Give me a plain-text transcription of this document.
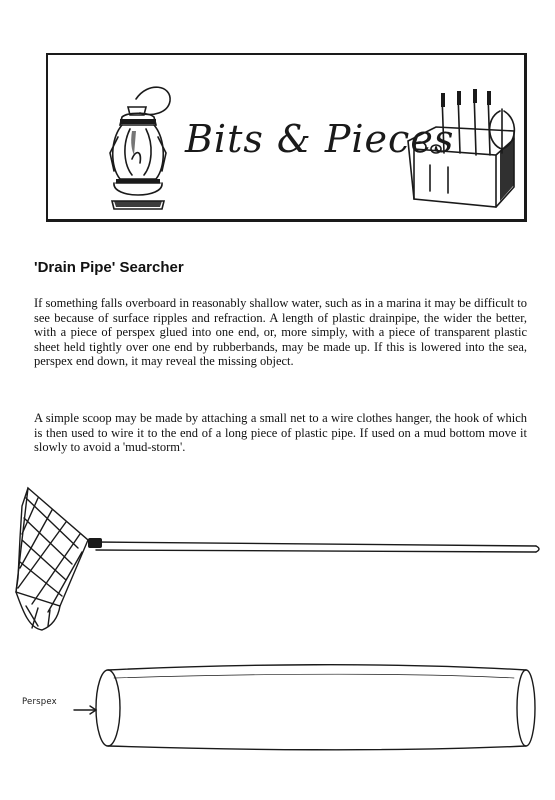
Bits & Pieces
'Drain Pipe' Searcher

If something falls overboard in reasonably shallow water, such as in a marina it may be difficult to see because of surface ripples and refraction. A length of plastic drainpipe, the wider the better, with a piece of perspex glued into one end, or, more simply, with a piece of transparent plastic sheet held tightly over one end by rubberbands, may be made up. If this is lowered into the sea, perspex end down, it may reveal the missing object.

A simple scoop may be made by attaching a small net to a wire clothes hanger, the hook of which is then used to wire it to the end of a long piece of plastic pipe. If used on a mud bottom move it slowly to avoid a 'mud-storm'.

Perspex
